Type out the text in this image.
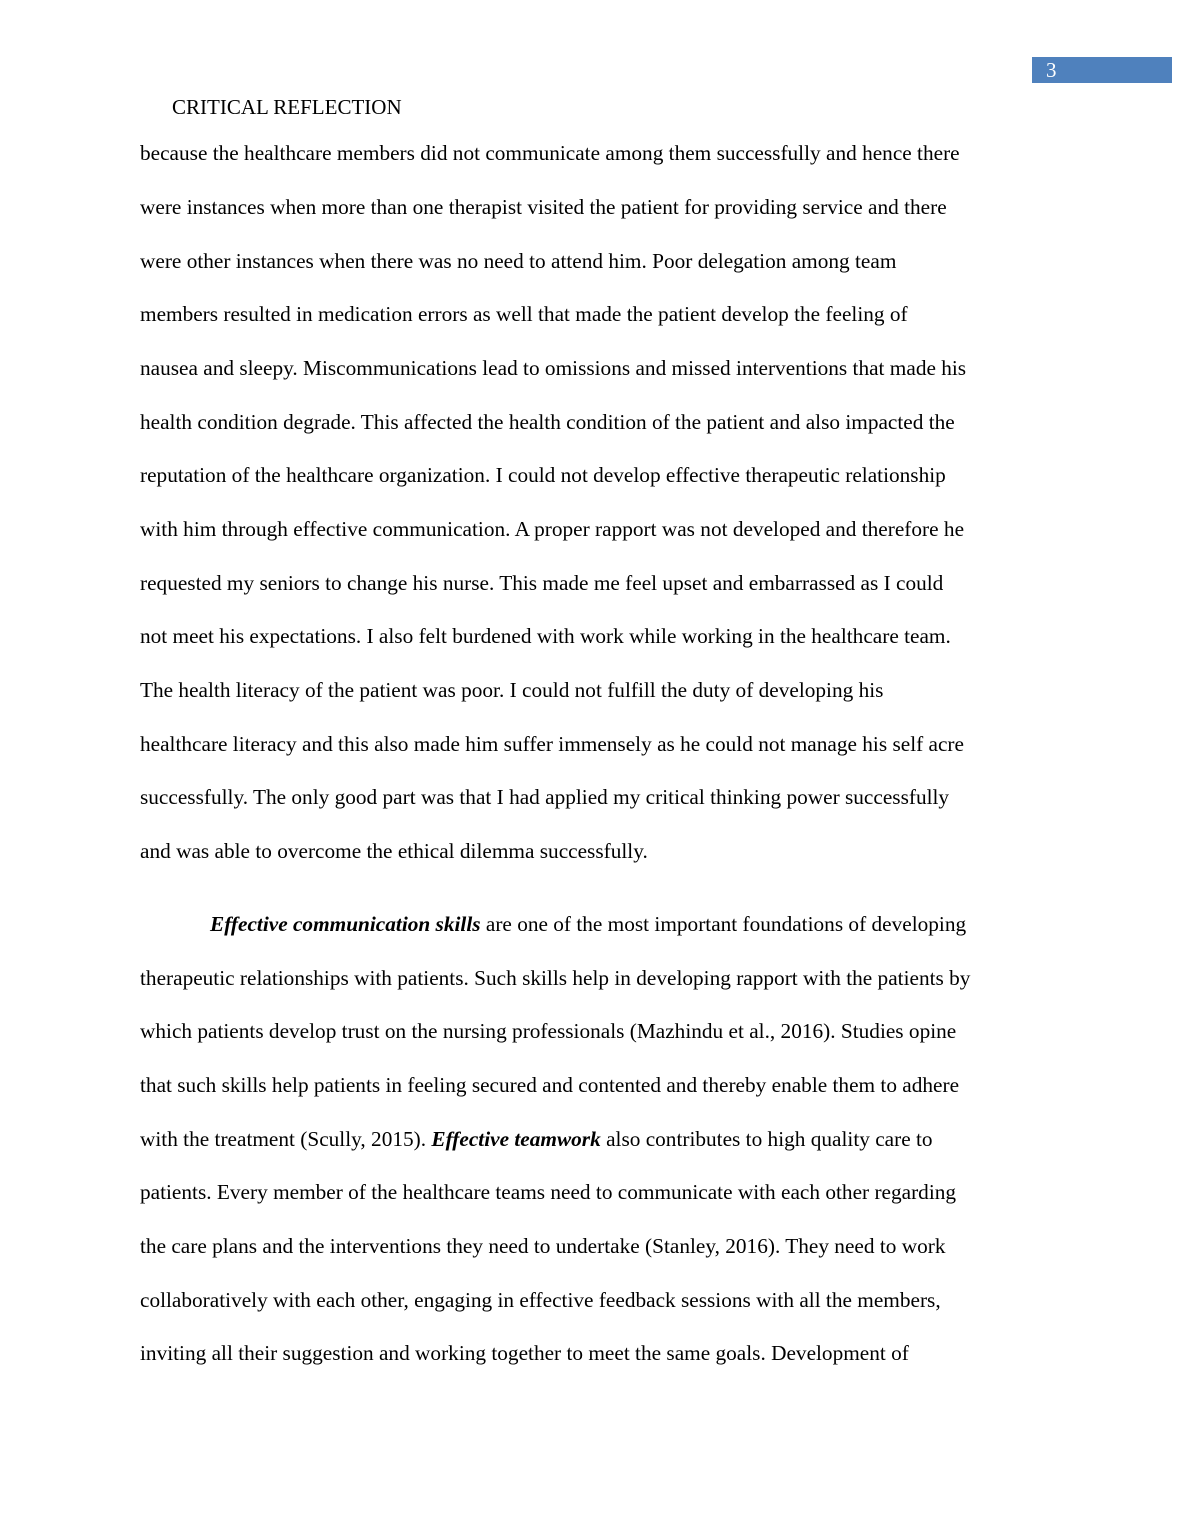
3
CRITICAL REFLECTION
because the healthcare members did not communicate among them successfully and hence there
were instances when more than one therapist visited the patient for providing service and there
were other instances when there was no need to attend him. Poor delegation among team
members resulted in medication errors as well that made the patient develop the feeling of
nausea and sleepy. Miscommunications lead to omissions and missed interventions that made his
health condition degrade. This affected the health condition of the patient and also impacted the
reputation of the healthcare organization. I could not develop effective therapeutic relationship
with him through effective communication. A proper rapport was not developed and therefore he
requested my seniors to change his nurse. This made me feel upset and embarrassed as I could
not meet his expectations. I also felt burdened with work while working in the healthcare team.
The health literacy of the patient was poor. I could not fulfill the duty of developing his
healthcare literacy and this also made him suffer immensely as he could not manage his self acre
successfully. The only good part was that I had applied my critical thinking power successfully
and was able to overcome the ethical dilemma successfully.
Effective communication skills are one of the most important foundations of developing
therapeutic relationships with patients. Such skills help in developing rapport with the patients by
which patients develop trust on the nursing professionals (Mazhindu et al., 2016). Studies opine
that such skills help patients in feeling secured and contented and thereby enable them to adhere
with the treatment (Scully, 2015). Effective teamwork also contributes to high quality care to
patients. Every member of the healthcare teams need to communicate with each other regarding
the care plans and the interventions they need to undertake (Stanley, 2016). They need to work
collaboratively with each other, engaging in effective feedback sessions with all the members,
inviting all their suggestion and working together to meet the same goals. Development of
